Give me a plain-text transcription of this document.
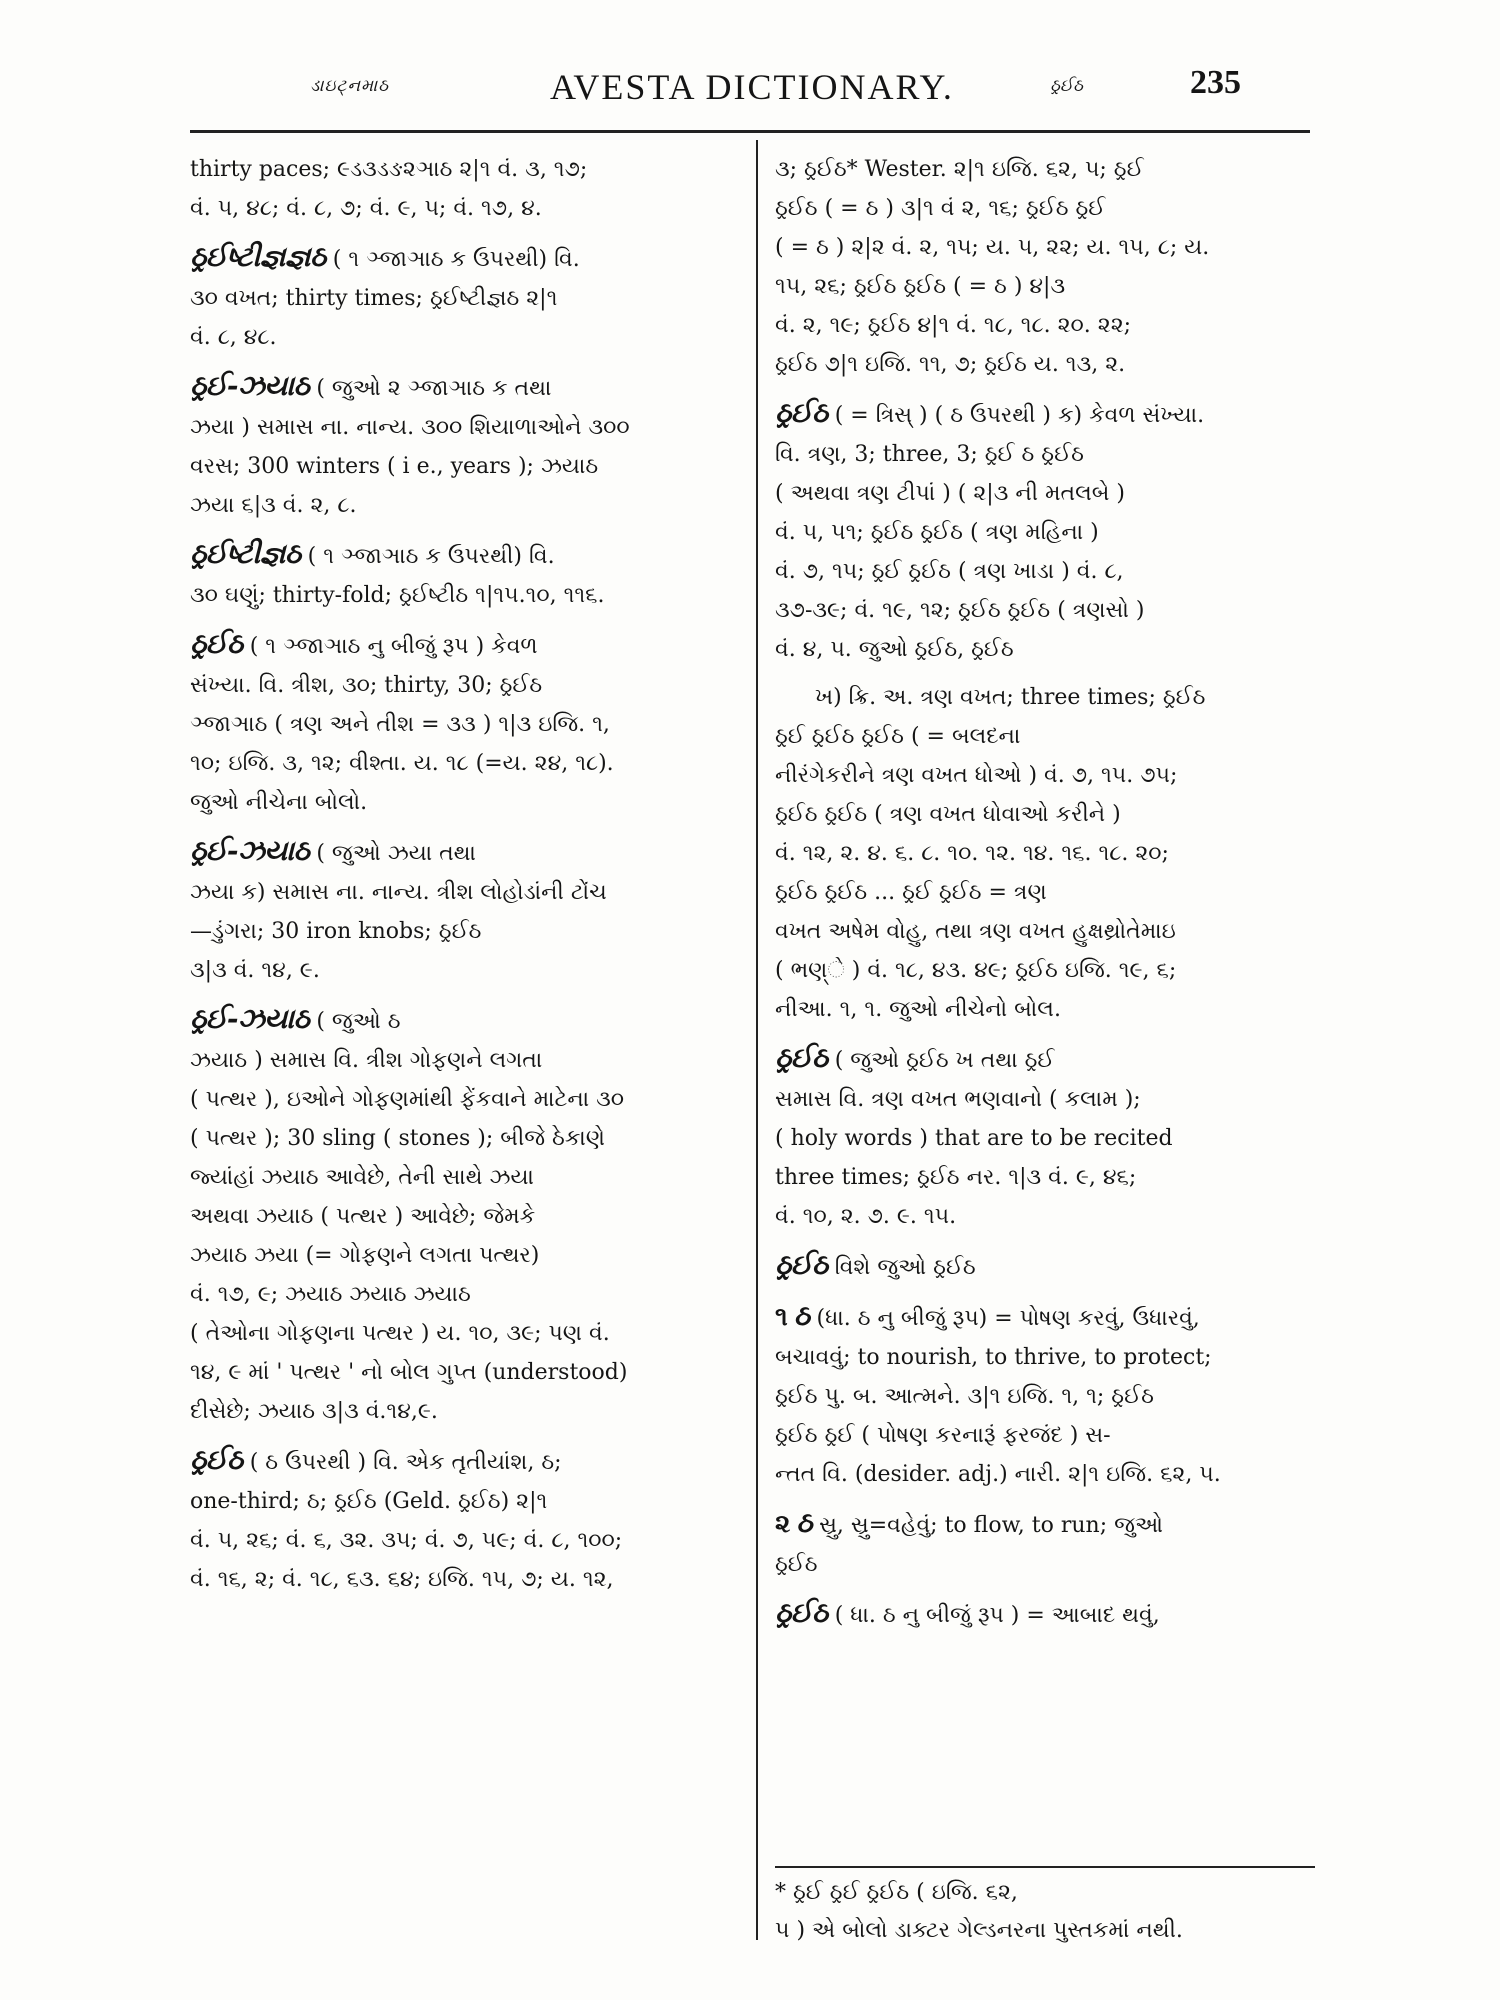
ડાઇટ્નમાઠ	AVESTA DICTIONARY.	ઠ્રઈઠ	235

thirty paces; ૯ડ૩ડઙ૨ઞાઠ ૨|૧ વં. ૩, ૧૭;

વં. ૫, ૪૮; વં. ૮, ૭; વં. ૯, ૫; વં. ૧૭, ૪.

ઠ્રઈષ્ટીજ્ઞજ્ઞઠ ( ૧ ઞ્જાઞાઠ ક ઉપરથી) વિ.

૩૦ વખત; thirty times; ઠ્રઈષ્ટીજ્ઞઠ ૨|૧

વં. ૮, ૪૮.

ઠ્રઈ-ઝયાઠ ( જુઓ ૨ ઞ્જાઞાઠ ક તથા

ઝયા ) સમાસ ના. નાન્ય. ૩૦૦ શિયાળાઓને ૩૦૦

વરસ; 300 winters ( i e., years ); ઝયાઠ

ઝયા ૬|૩ વં. ૨, ૮.

ઠ્રઈષ્ટીજ્ઞઠ ( ૧ ઞ્જાઞાઠ ક ઉપરથી) વિ.

૩૦ ઘણું; thirty-fold; ઠ્રઈષ્ટીઠ ૧|૧૫.૧૦, ૧૧૬.

ઠ્રઈઠ ( ૧ ઞ્જાઞાઠ નુ બીજું રૂપ ) કેવળ

સંખ્યા. વિ. ત્રીશ, ૩૦; thirty, 30; ઠ્રઈઠ

ઞ્જાઞાઠ ( ત્રણ અને તીશ = ૩૩ ) ૧|૩ ઇજિ. ૧,

૧૦; ઇજિ. ૩, ૧૨; વીશ્તા. ય. ૧૮ (=ય. ૨૪, ૧૮).

જુઓ નીચેના બોલો.

ઠ્રઈ-ઝયાઠ ( જુઓ ઝયા તથા

ઝયા ક) સમાસ ના. નાન્ય. ત્રીશ લોહોડાંની ટોંચ

—ડુંગરા; 30 iron knobs; ઠ્રઈઠ

૩|૩ વં. ૧૪, ૯.

ઠ્રઈ-ઝયાઠ ( જુઓ ઠ

ઝયાઠ ) સમાસ વિ. ત્રીશ ગોફણને લગતા

( પત્થર ), ઇઓને ગોફણમાંથી ફેંકવાને માટેના ૩૦

( પત્થર ); 30 sling ( stones ); બીજે ઠેકાણે

જ્યાંહાં ઝયાઠ આવેછે, તેની સાથે ઝયા

અથવા ઝયાઠ ( પત્થર ) આવેછે; જેમકે

ઝયાઠ ઝયા (= ગોફણને લગતા પત્થર)

વં. ૧૭, ૯; ઝયાઠ ઝયાઠ ઝયાઠ

( તેઓના ગોફણના પત્થર ) ય. ૧૦, ૩૯; પણ વં.

૧૪, ૯ માં ' પત્થર ' નો બોલ ગુપ્ત (understood)

દીસેછે; ઝયાઠ ૩|૩ વં.૧૪,૯.

ઠ્રઈઠ ( ઠ ઉપરથી ) વિ. એક તૃતીયાંશ, ઠ;

one-third; ઠ; ઠ્રઈઠ (Geld. ઠ્રઈઠ) ૨|૧

વં. ૫, ૨૬; વં. ૬, ૩૨. ૩૫; વં. ૭, ૫૯; વં. ૮, ૧૦૦;

વં. ૧૬, ૨; વં. ૧૮, ૬૩. ૬૪; ઇજિ. ૧૫, ૭; ય. ૧૨,

૩; ઠ્રઈઠ* Wester. ૨|૧ ઇજિ. ૬૨, ૫; ઠ્રઈ

ઠ્રઈઠ ( = ઠ ) ૩|૧ વં ૨, ૧૬; ઠ્રઈઠ ઠ્રઈ

( = ઠ ) ૨|૨ વં. ૨, ૧૫; ય. ૫, ૨૨; ય. ૧૫, ૮; ય.

૧૫, ૨૬; ઠ્રઈઠ ઠ્રઈઠ ( = ઠ ) ૪|૩

વં. ૨, ૧૯; ઠ્રઈઠ ૪|૧ વં. ૧૮, ૧૮. ૨૦. ૨૨;

ઠ્રઈઠ ૭|૧ ઇજિ. ૧૧, ૭; ઠ્રઈઠ ય. ૧૩, ૨.

ઠ્રઈઠ ( = ત્રિસ્ ) ( ઠ ઉપરથી ) ક) કેવળ સંખ્યા.

વિ. ત્રણ, 3; three, 3; ઠ્રઈ ઠ ઠ્રઈઠ

( અથવા ત્રણ ટીપાં ) ( ૨|૩ ની મતલબે )

વં. ૫, ૫૧; ઠ્રઈઠ ઠ્રઈઠ ( ત્રણ મહિના )

વં. ૭, ૧૫; ઠ્રઈ ઠ્રઈઠ ( ત્રણ ખાડા ) વં. ૮,

૩૭-૩૯; વં. ૧૯, ૧૨; ઠ્રઈઠ ઠ્રઈઠ ( ત્રણસો )

વં. ૪, ૫. જુઓ ઠ્રઈઠ, ઠ્રઈઠ

ખ) ક્રિ. અ. ત્રણ વખત; three times; ઠ્રઈઠ

ઠ્રઈ ઠ્રઈઠ ઠ્રઈઠ ( = બલદના

નીરંગેકરીને ત્રણ વખત ધોઓ ) વં. ૭, ૧૫. ૭૫;

ઠ્રઈઠ ઠ્રઈઠ ( ત્રણ વખત ધોવાઓ કરીને )

વં. ૧૨, ૨. ૪. ૬. ૮. ૧૦. ૧૨. ૧૪. ૧૬. ૧૮. ૨૦;

ઠ્રઈઠ ઠ્રઈઠ ... ઠ્રઈ ઠ્રઈઠ = ત્રણ

વખત અષેમ વોહુ, તથા ત્રણ વખત હુક્ષથ્રોતેમાઇ

( ભણ્ે ) વં. ૧૮, ૪૩. ૪૯; ઠ્રઈઠ ઇજિ. ૧૯, ૬;

નીઆ. ૧, ૧. જુઓ નીચેનો બોલ.

ઠ્રઈઠ ( જુઓ ઠ્રઈઠ ખ તથા ઠ્રઈ

સમાસ વિ. ત્રણ વખત ભણવાનો ( કલામ );

( holy words ) that are to be recited

three times; ઠ્રઈઠ નર. ૧|૩ વં. ૯, ૪૬;

વં. ૧૦, ૨. ૭. ૯. ૧૫.

ઠ્રઈઠ વિશે જુઓ ઠ્રઈઠ

૧ ઠ (ધા. ઠ નુ બીજું રૂપ) = પોષણ કરવું, ઉધારવું,

બચાવવું; to nourish, to thrive, to protect;

ઠ્રઈઠ પુ. બ. આત્મને. ૩|૧ ઇજિ. ૧, ૧; ઠ્રઈઠ

ઠ્રઈઠ ઠ્રઈ ( પોષણ કરનારૂં ફરજંદ ) સ-

ન્તત વિ. (desider. adj.) નારી. ૨|૧ ઇજિ. ૬૨, ૫.

૨ ઠ સ્રુ, સ્રુ=વહેવું; to flow, to run; જુઓ

ઠ્રઈઠ

ઠ્રઈઠ ( ધા. ઠ નુ બીજું રૂપ ) = આબાદ થવું,

* ઠ્રઈ ઠ્રઈ ઠ્રઈઠ ( ઇજિ. ૬૨,

૫ ) એ બોલો ડાક્ટર ગેલ્ડનરના પુસ્તકમાં નથી.
